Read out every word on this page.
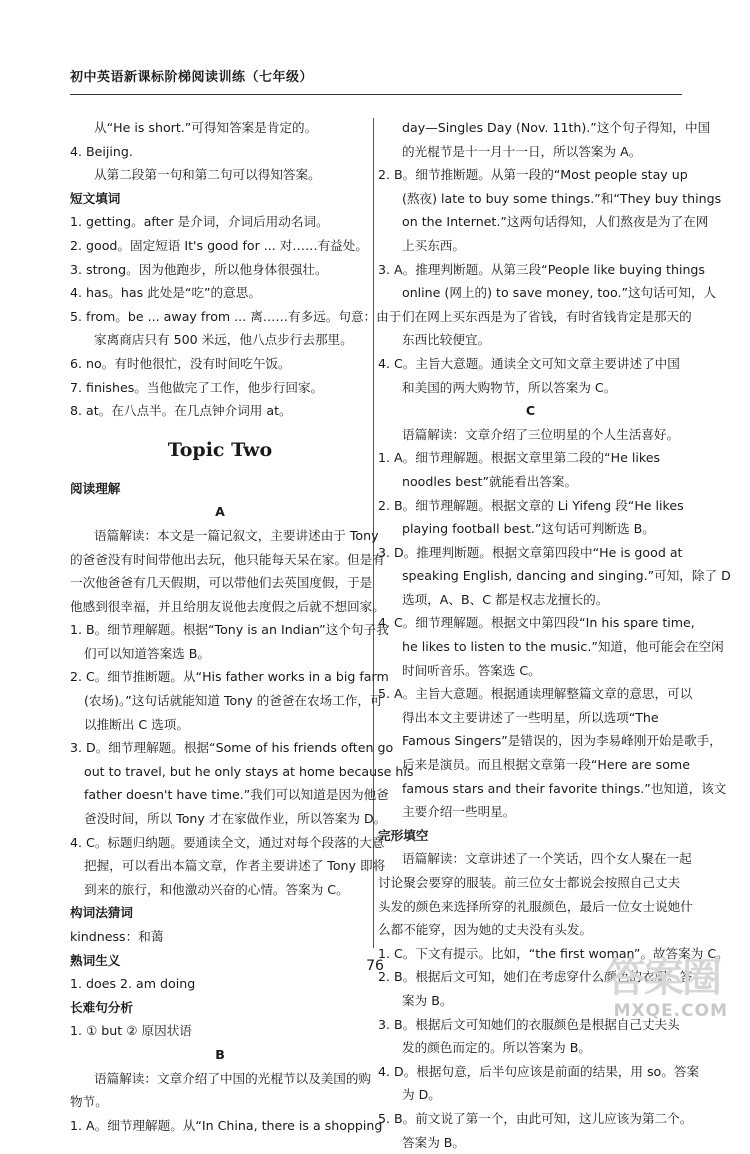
初中英语新课标阶梯阅读训练（七年级）

从“He is short.”可得知答案是肯定的。

4. Beijing.

从第二段第一句和第二句可以得知答案。

短文填词

1. getting。after 是介词，介词后用动名词。

2. good。固定短语 It's good for ... 对……有益处。

3. strong。因为他跑步，所以他身体很强壮。

4. has。has 此处是“吃”的意思。

5. from。be ... away from ... 离……有多远。句意：由于

家离商店只有 500 米远，他八点步行去那里。

6. no。有时他很忙，没有时间吃午饭。

7. finishes。当他做完了工作，他步行回家。

8. at。在八点半。在几点钟介词用 at。

Topic Two

阅读理解

A

语篇解读：本文是一篇记叙文，主要讲述由于 Tony

的爸爸没有时间带他出去玩，他只能每天呆在家。但是有

一次他爸爸有几天假期，可以带他们去英国度假，于是

他感到很幸福，并且给朋友说他去度假之后就不想回家。

1. B。细节理解题。根据“Tony is an Indian”这个句子我

们可以知道答案选 B。

2. C。细节推断题。从“His father works in a big farm

(农场)。”这句话就能知道 Tony 的爸爸在农场工作，可

以推断出 C 选项。

3. D。细节理解题。根据“Some of his friends often go

out to travel, but he only stays at home because his

father doesn't have time.”我们可以知道是因为他爸

爸没时间，所以 Tony 才在家做作业，所以答案为 D。

4. C。标题归纳题。要通读全文，通过对每个段落的大意

把握，可以看出本篇文章，作者主要讲述了 Tony 即将

到来的旅行，和他激动兴奋的心情。答案为 C。

构词法猜词

kindness：和蔼

熟词生义

1. does 2. am doing

长难句分析

1. ① but ② 原因状语

B

语篇解读：文章介绍了中国的光棍节以及美国的购

物节。

1. A。细节理解题。从“In China, there is a shopping

day—Singles Day (Nov. 11th).”这个句子得知，中国

的光棍节是十一月十一日，所以答案为 A。

2. B。细节推断题。从第一段的“Most people stay up

(熬夜) late to buy some things.”和“They buy things

on the Internet.”这两句话得知，人们熬夜是为了在网

上买东西。

3. A。推理判断题。从第三段“People like buying things

online (网上的) to save money, too.”这句话可知，人

们在网上买东西是为了省钱，有时省钱肯定是那天的

东西比较便宜。

4. C。主旨大意题。通读全文可知文章主要讲述了中国

和美国的两大购物节，所以答案为 C。

C

语篇解读：文章介绍了三位明星的个人生活喜好。

1. A。细节理解题。根据文章里第二段的“He likes

noodles best”就能看出答案。

2. B。细节理解题。根据文章的 Li Yifeng 段“He likes

playing football best.”这句话可判断选 B。

3. D。推理判断题。根据文章第四段中“He is good at

speaking English, dancing and singing.”可知，除了 D

选项，A、B、C 都是权志龙擅长的。

4. C。细节理解题。根据文中第四段“In his spare time,

he likes to listen to the music.”知道，他可能会在空闲

时间听音乐。答案选 C。

5. A。主旨大意题。根据通读理解整篇文章的意思，可以

得出本文主要讲述了一些明星，所以选项“The

Famous Singers”是错误的，因为李易峰刚开始是歌手，

后来是演员。而且根据文章第一段“Here are some

famous stars and their favorite things.”也知道，该文

主要介绍一些明星。

完形填空

语篇解读：文章讲述了一个笑话，四个女人聚在一起

讨论聚会要穿的服装。前三位女士都说会按照自己丈夫

头发的颜色来选择所穿的礼服颜色，最后一位女士说她什

么都不能穿，因为她的丈夫没有头发。

1. C。下文有提示。比如，“the first woman”。故答案为 C。

2. B。根据后文可知，她们在考虑穿什么颜色的衣服。答

案为 B。

3. B。根据后文可知她们的衣服颜色是根据自己丈夫头

发的颜色而定的。所以答案为 B。

4. D。根据句意，后半句应该是前面的结果，用 so。答案

为 D。

5. B。前文说了第一个，由此可知，这儿应该为第二个。

答案为 B。

76	答案圈
MXQE.COM
